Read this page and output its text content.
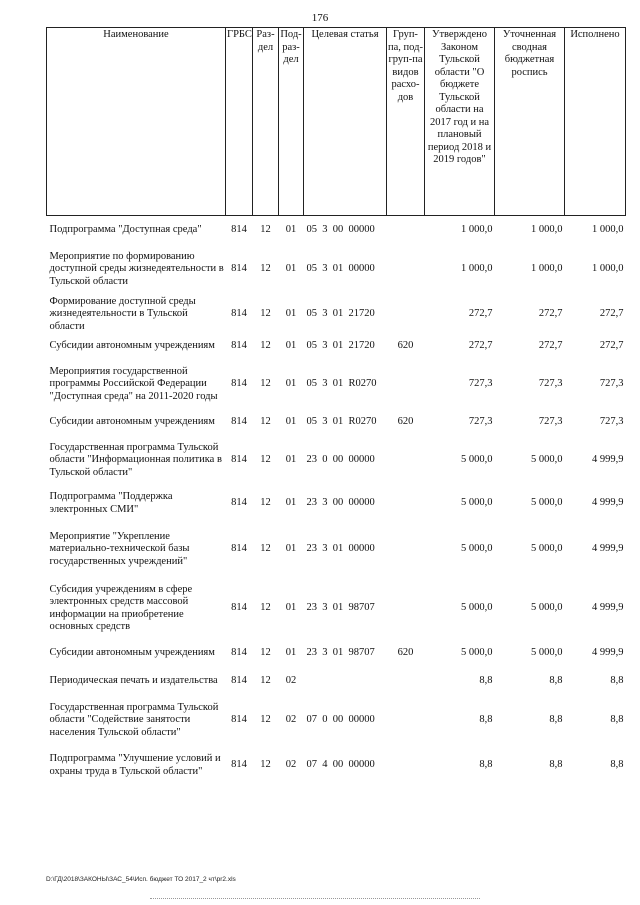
176
Наименование	ГРБС	Раз-дел	Под-раз-дел	Целевая статья	Груп-па, под-груп-па видов расхо-дов	Утверждено Законом Тульской области "О бюджете Тульской области на 2017 год и на плановый период 2018 и 2019 годов"	Уточненная сводная бюджетная роспись	Исполнено
Подпрограмма "Доступная среда"	814	12	01	05  3  00  00000		1 000,0	1 000,0	1 000,0
Мероприятие по формированию доступной среды жизнедеятельности в Тульской области	814	12	01	05  3  01  00000		1 000,0	1 000,0	1 000,0
Формирование доступной среды жизнедеятельности в Тульской области	814	12	01	05  3  01  21720		272,7	272,7	272,7
Субсидии автономным учреждениям	814	12	01	05  3  01  21720	620	272,7	272,7	272,7
Мероприятия государственной программы Российской Федерации "Доступная среда" на 2011-2020 годы	814	12	01	05  3  01  R0270		727,3	727,3	727,3
Субсидии автономным учреждениям	814	12	01	05  3  01  R0270	620	727,3	727,3	727,3
Государственная программа Тульской области "Информационная политика в Тульской области"	814	12	01	23  0  00  00000		5 000,0	5 000,0	4 999,9
Подпрограмма "Поддержка электронных СМИ"	814	12	01	23  3  00  00000		5 000,0	5 000,0	4 999,9
Мероприятие "Укрепление материально-технической базы государственных учреждений"	814	12	01	23  3  01  00000		5 000,0	5 000,0	4 999,9
Субсидия учреждениям в сфере электронных средств массовой информации на приобретение основных средств	814	12	01	23  3  01  98707		5 000,0	5 000,0	4 999,9
Субсидии автономным учреждениям	814	12	01	23  3  01  98707	620	5 000,0	5 000,0	4 999,9
Периодическая печать и издательства	814	12	02			8,8	8,8	8,8
Государственная программа Тульской области "Содействие занятости населения Тульской области"	814	12	02	07  0  00  00000		8,8	8,8	8,8
Подпрограмма "Улучшение условий и охраны труда в Тульской области"	814	12	02	07  4  00  00000		8,8	8,8	8,8
D:\ГД\2018\ЗАКОНЫ\ЗАС_54\Исп. бюджет ТО 2017_2 чт\pr2.xls
